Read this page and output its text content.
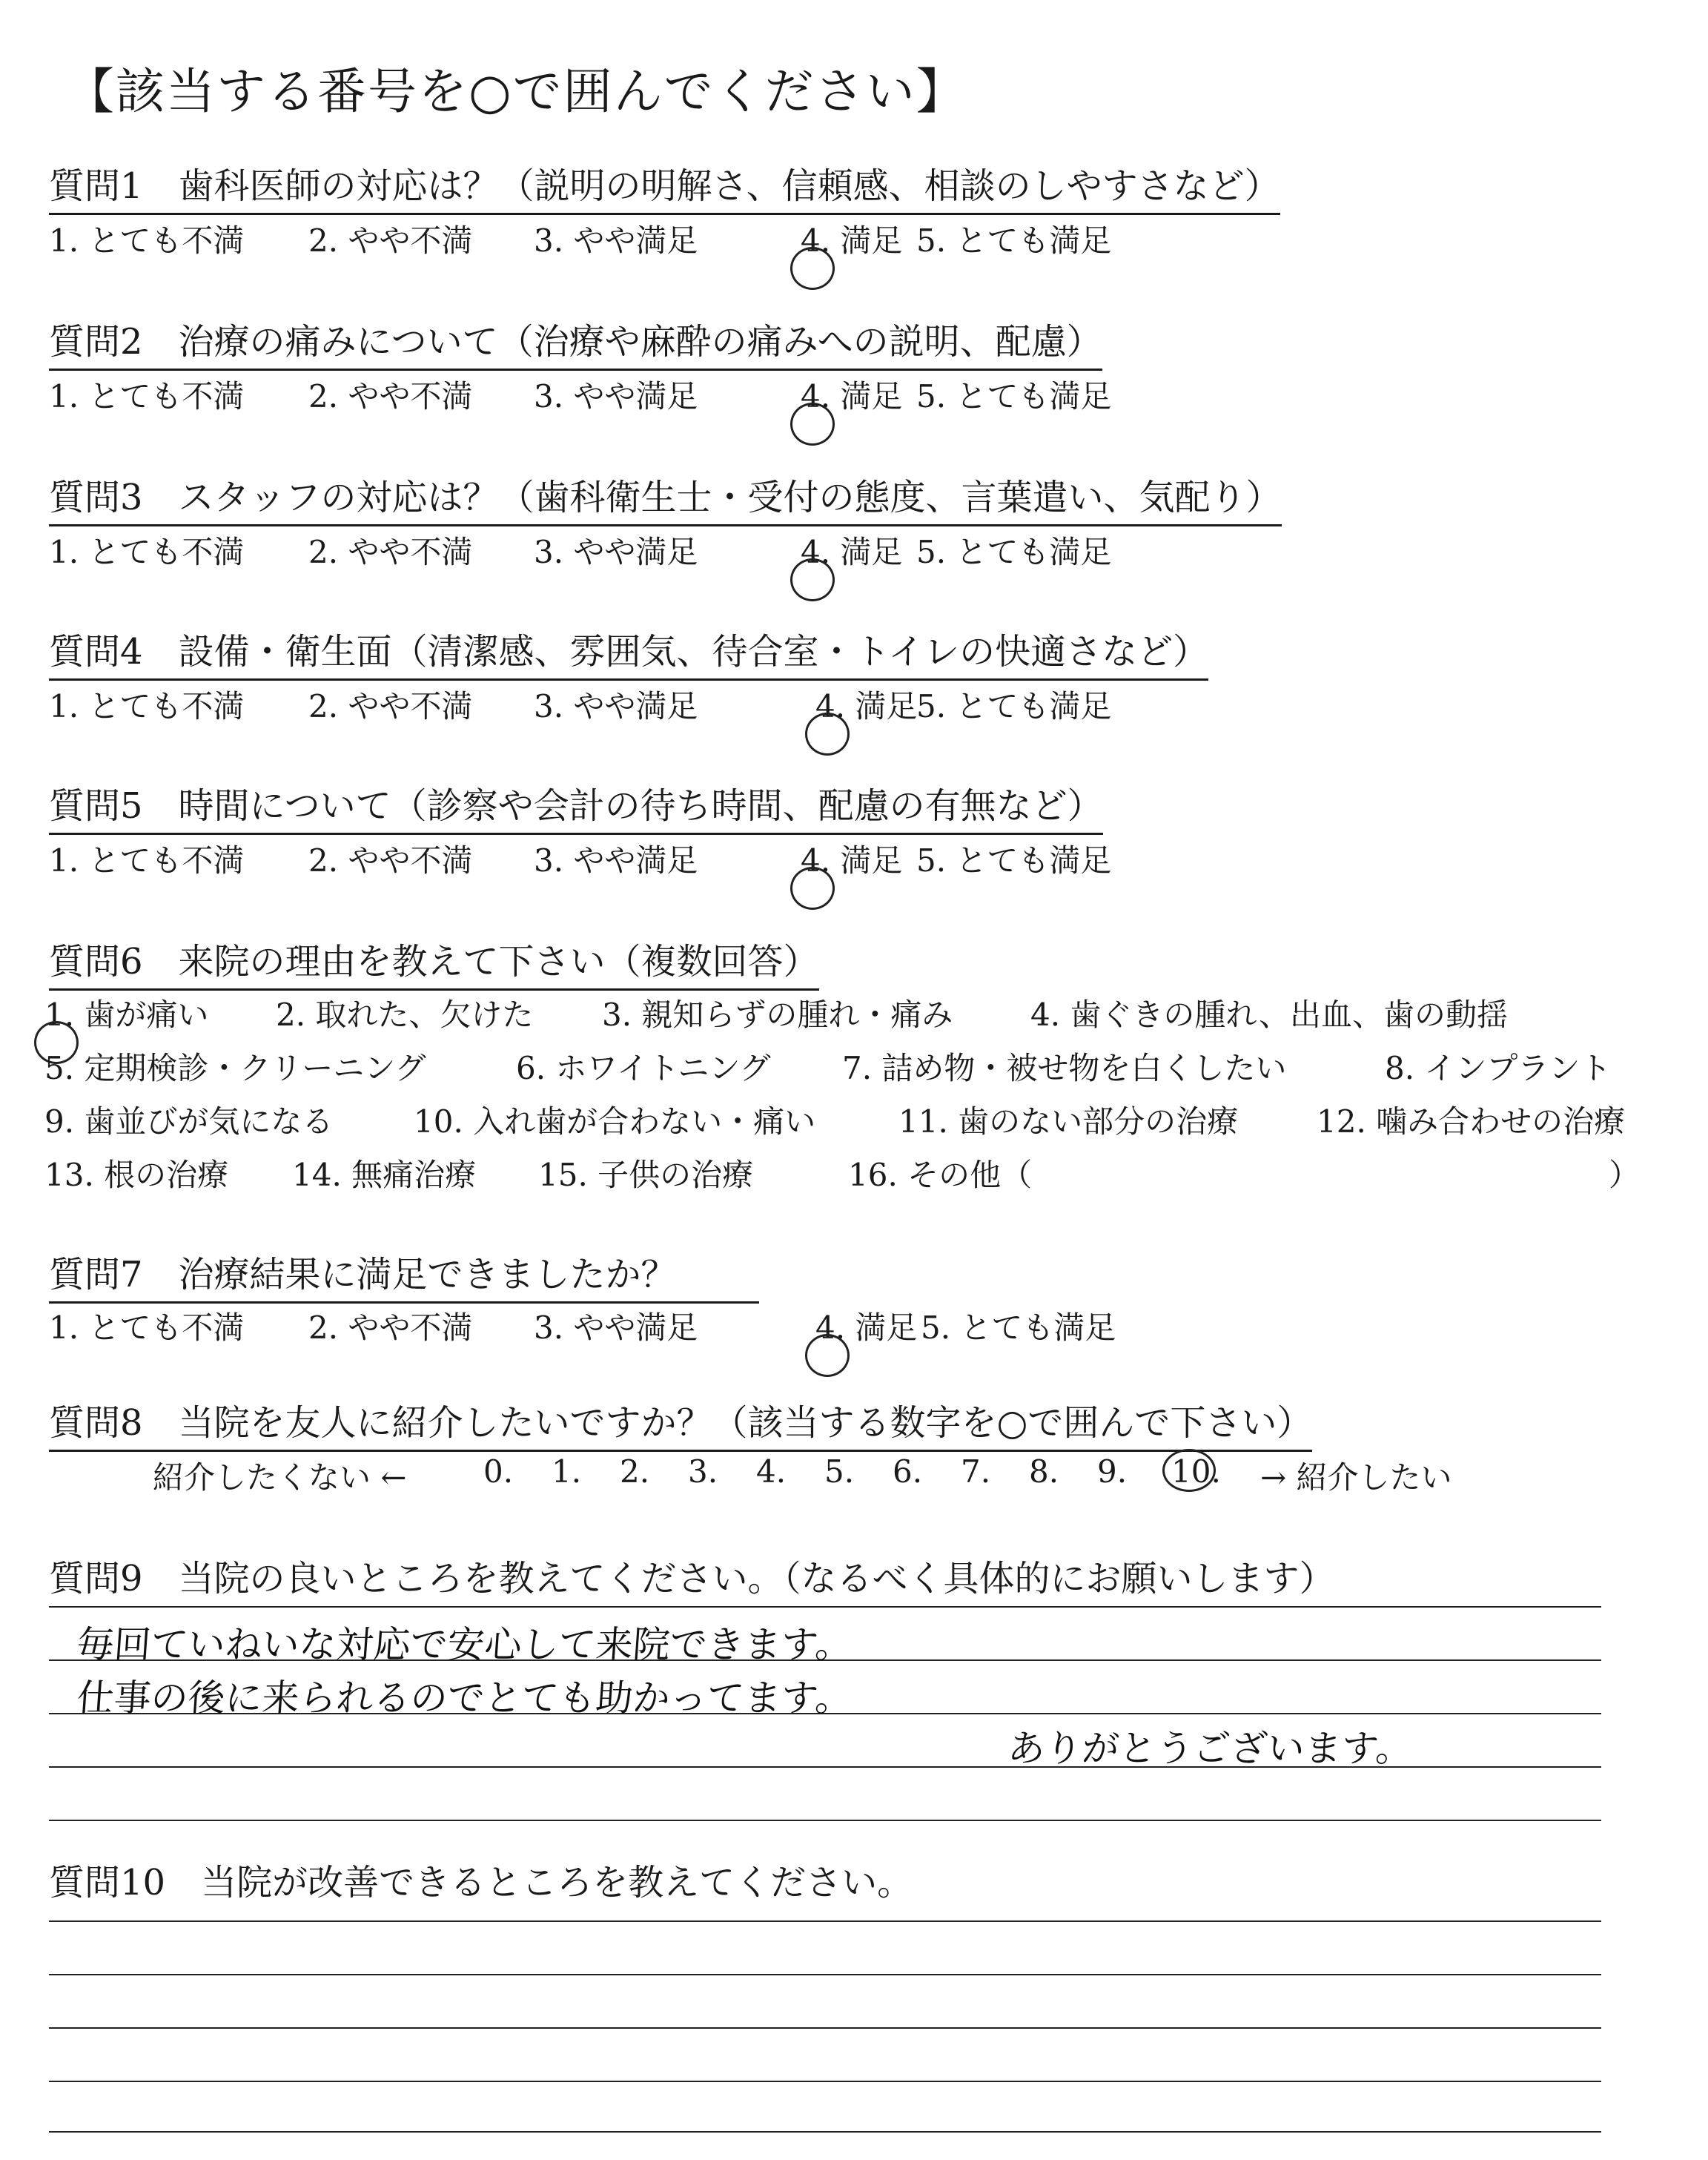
【該当する番号を○で囲んでください】
質問1　歯科医師の対応は？（説明の明解さ、信頼感、相談のしやすさなど）
1. とても不満 2. やや不満 3. やや満足	4. 満足 5. とても満足
質問2　治療の痛みについて（治療や麻酔の痛みへの説明、配慮）
1. とても不満 2. やや不満 3. やや満足	4. 満足 5. とても満足
質問3　スタッフの対応は？（歯科衛生士・受付の態度、言葉遣い、気配り）
1. とても不満 2. やや不満 3. やや満足	4. 満足 5. とても満足
質問4　設備・衛生面（清潔感、雰囲気、待合室・トイレの快適さなど）
1. とても不満 2. やや不満 3. やや満足	4. 満足
5. とても満足
質問5　時間について（診察や会計の待ち時間、配慮の有無など）
1. とても不満 2. やや不満 3. やや満足	4. 満足 5. とても満足
質問6　来院の理由を教えて下さい（複数回答）
1. 歯が痛い 2. 取れた、欠けた 3. 親知らずの腫れ・痛み 4. 歯ぐきの腫れ、出血、歯の動揺
5. 定期検診・クリーニング	6. ホワイトニング 7. 詰め物・被せ物を白くしたい	8. インプラント
9. 歯並びが気になる	10. 入れ歯が合わない・痛い	11. 歯のない部分の治療	12. 噛み合わせの治療
13. 根の治療 14. 無痛治療 15. 子供の治療	16. その他（	）
質問7　治療結果に満足できましたか？
1. とても不満 2. やや不満 3. やや満足	4. 満足 5. とても満足
質問8　当院を友人に紹介したいですか？（該当する数字を○で囲んで下さい）
紹介したくない ← 0. 1. 2. 3. 4. 5. 6. 7. 8. 9. 10. → 紹介したい
質問9　当院の良いところを教えてください。（なるべく具体的にお願いします）
毎回ていねいな対応で安心して来院できます。
仕事の後に来られるのでとても助かってます。
ありがとうございます。
質問10　当院が改善できるところを教えてください。
